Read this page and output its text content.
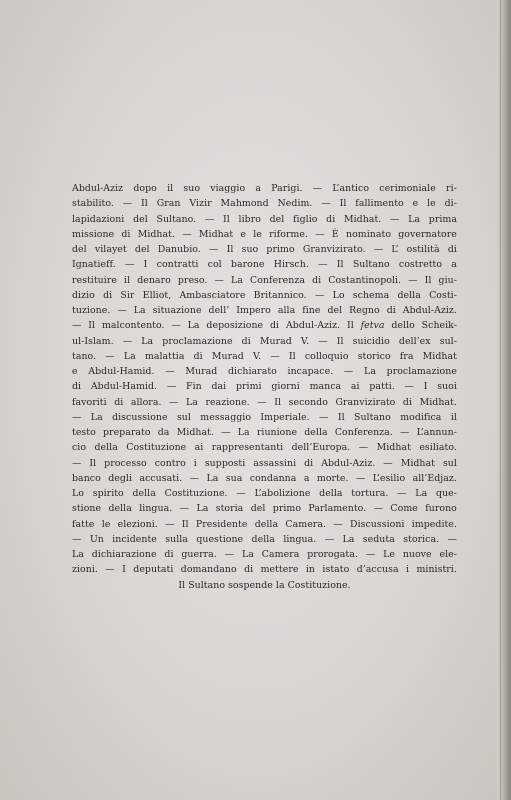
Abdul-Aziz dopo il suo viaggio a Parigi. — L’antico cerimoniale ri-
stabilito. — Il Gran Vizir Mahmond Nedim. — Il fallimento e le di-
lapidazioni del Sultano. — Il libro del figlio di Midhat. — La prima
missione di Midhat. — Midhat e le riforme. — È nominato governatore
del vilayet del Danubio. — Il suo primo Granvizirato. — L’ ostilità di
Ignatieff. — I contratti col barone Hirsch. — Il Sultano costretto a
restituire il denaro preso. — La Conferenza di Costantinopoli. — Il giu-
dizio di Sir Elliot, Ambasciatore Britannico. — Lo schema della Costi-
tuzione. — La situazione dell’ Impero alla fine del Regno di Abdul-Aziz.
— Il malcontento. — La deposizione di Abdul-Aziz. Il fetva dello Scheik-
ul-Islam. — La proclamazione di Murad V. — Il suicidio dell’ex sul-
tano. — La malattia di Murad V. — Il colloquio storico fra Midhat
e Abdul-Hamid. — Murad dichiarato incapace. — La proclamazione
di Abdul-Hamid. — Fin dai primi giorni manca ai patti. — I suoi
favoriti di allora. — La reazione. — Il secondo Granvizirato di Midhat.
— La discussione sul messaggio Imperiale. — Il Sultano modifica il
testo preparato da Midhat. — La riunione della Conferenza. — L’annun-
cio della Costituzione ai rappresentanti dell’Europa. — Midhat esiliato.
— Il processo contro i supposti assassini di Abdul-Aziz. — Midhat sul
banco degli accusati. — La sua condanna a morte. — L’esilio all’Edjaz.
Lo spirito della Costituzione. — L’abolizione della tortura. — La que-
stione della lingua. — La storia del primo Parlamento. — Come furono
fatte le elezioni. — Il Presidente della Camera. — Discussioni impedite.
— Un incidente sulla questione della lingua. — La seduta storica. —
La dichiarazione di guerra. — La Camera prorogata. — Le nuove ele-
zioni. — I deputati domandano di mettere in istato d’accusa i ministri.
Il Sultano sospende la Costituzione.
